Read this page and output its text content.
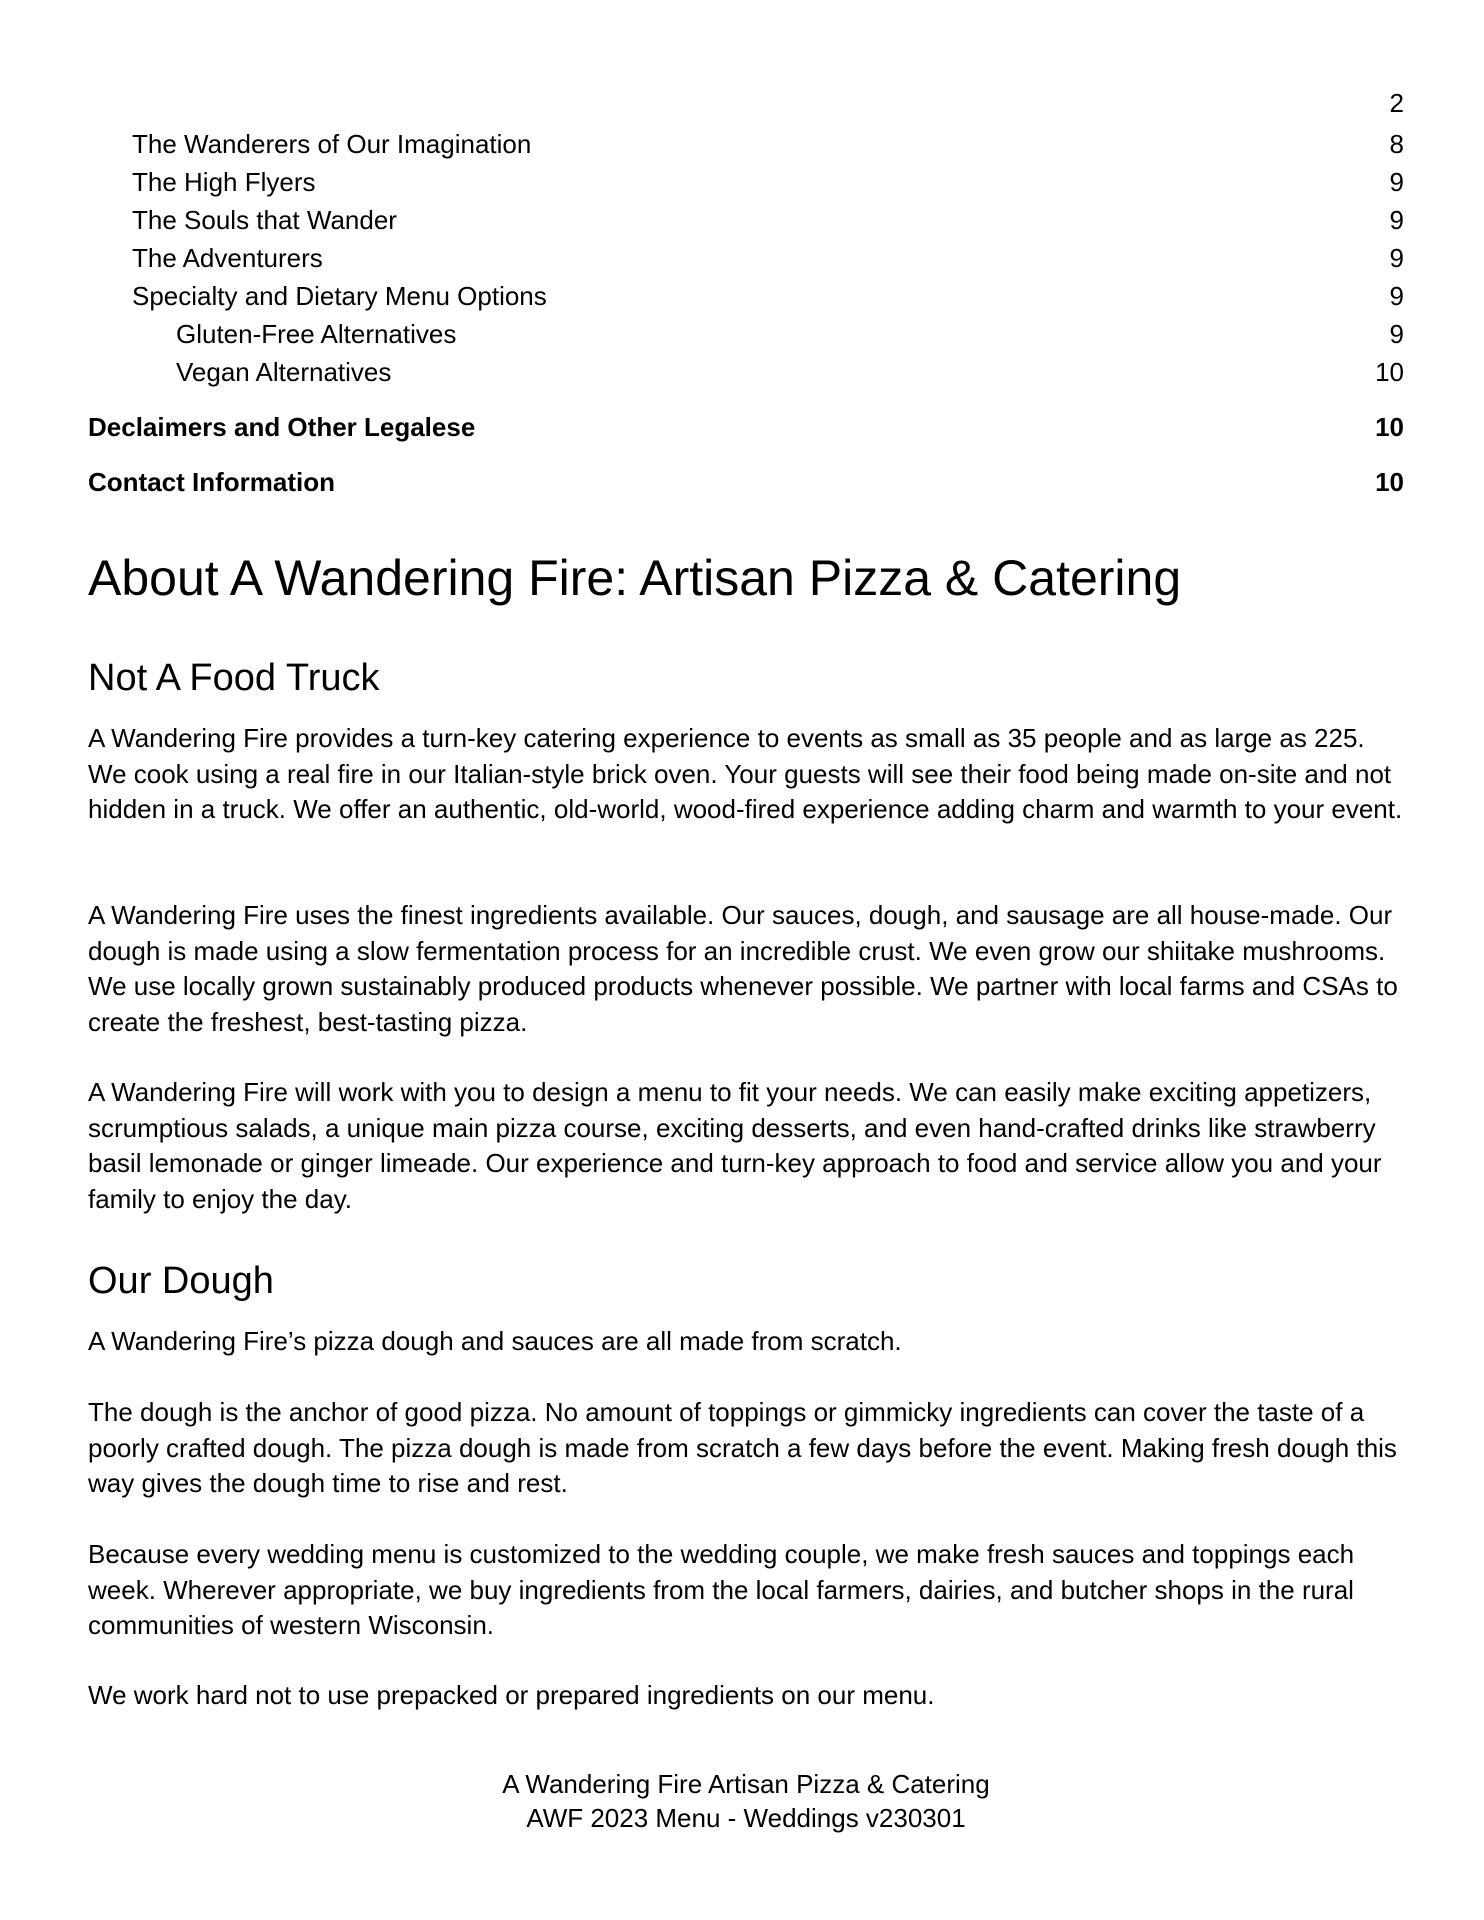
2
The Wanderers of Our Imagination	8
The High Flyers	9
The Souls that Wander	9
The Adventurers	9
Specialty and Dietary Menu Options	9
Gluten-Free Alternatives	9
Vegan Alternatives	10
Declaimers and Other Legalese	10
Contact Information	10
About A Wandering Fire: Artisan Pizza & Catering
Not A Food Truck

A Wandering Fire provides a turn-key catering experience to events as small as 35 people and as large as 225. We cook using a real fire in our Italian-style brick oven. Your guests will see their food being made on-site and not hidden in a truck. We offer an authentic, old-world, wood-fired experience adding charm and warmth to your event.

A Wandering Fire uses the finest ingredients available. Our sauces, dough, and sausage are all house-made. Our dough is made using a slow fermentation process for an incredible crust. We even grow our shiitake mushrooms. We use locally grown sustainably produced products whenever possible. We partner with local farms and CSAs to create the freshest, best-tasting pizza.

A Wandering Fire will work with you to design a menu to fit your needs. We can easily make exciting appetizers, scrumptious salads, a unique main pizza course, exciting desserts, and even hand-crafted drinks like strawberry basil lemonade or ginger limeade. Our experience and turn-key approach to food and service allow you and your family to enjoy the day.

Our Dough

A Wandering Fire’s pizza dough and sauces are all made from scratch.

The dough is the anchor of good pizza. No amount of toppings or gimmicky ingredients can cover the taste of a poorly crafted dough. The pizza dough is made from scratch a few days before the event. Making fresh dough this way gives the dough time to rise and rest.

Because every wedding menu is customized to the wedding couple, we make fresh sauces and toppings each week. Wherever appropriate, we buy ingredients from the local farmers, dairies, and butcher shops in the rural communities of western Wisconsin.

We work hard not to use prepacked or prepared ingredients on our menu.

A Wandering Fire Artisan Pizza & Catering
AWF 2023 Menu - Weddings v230301
